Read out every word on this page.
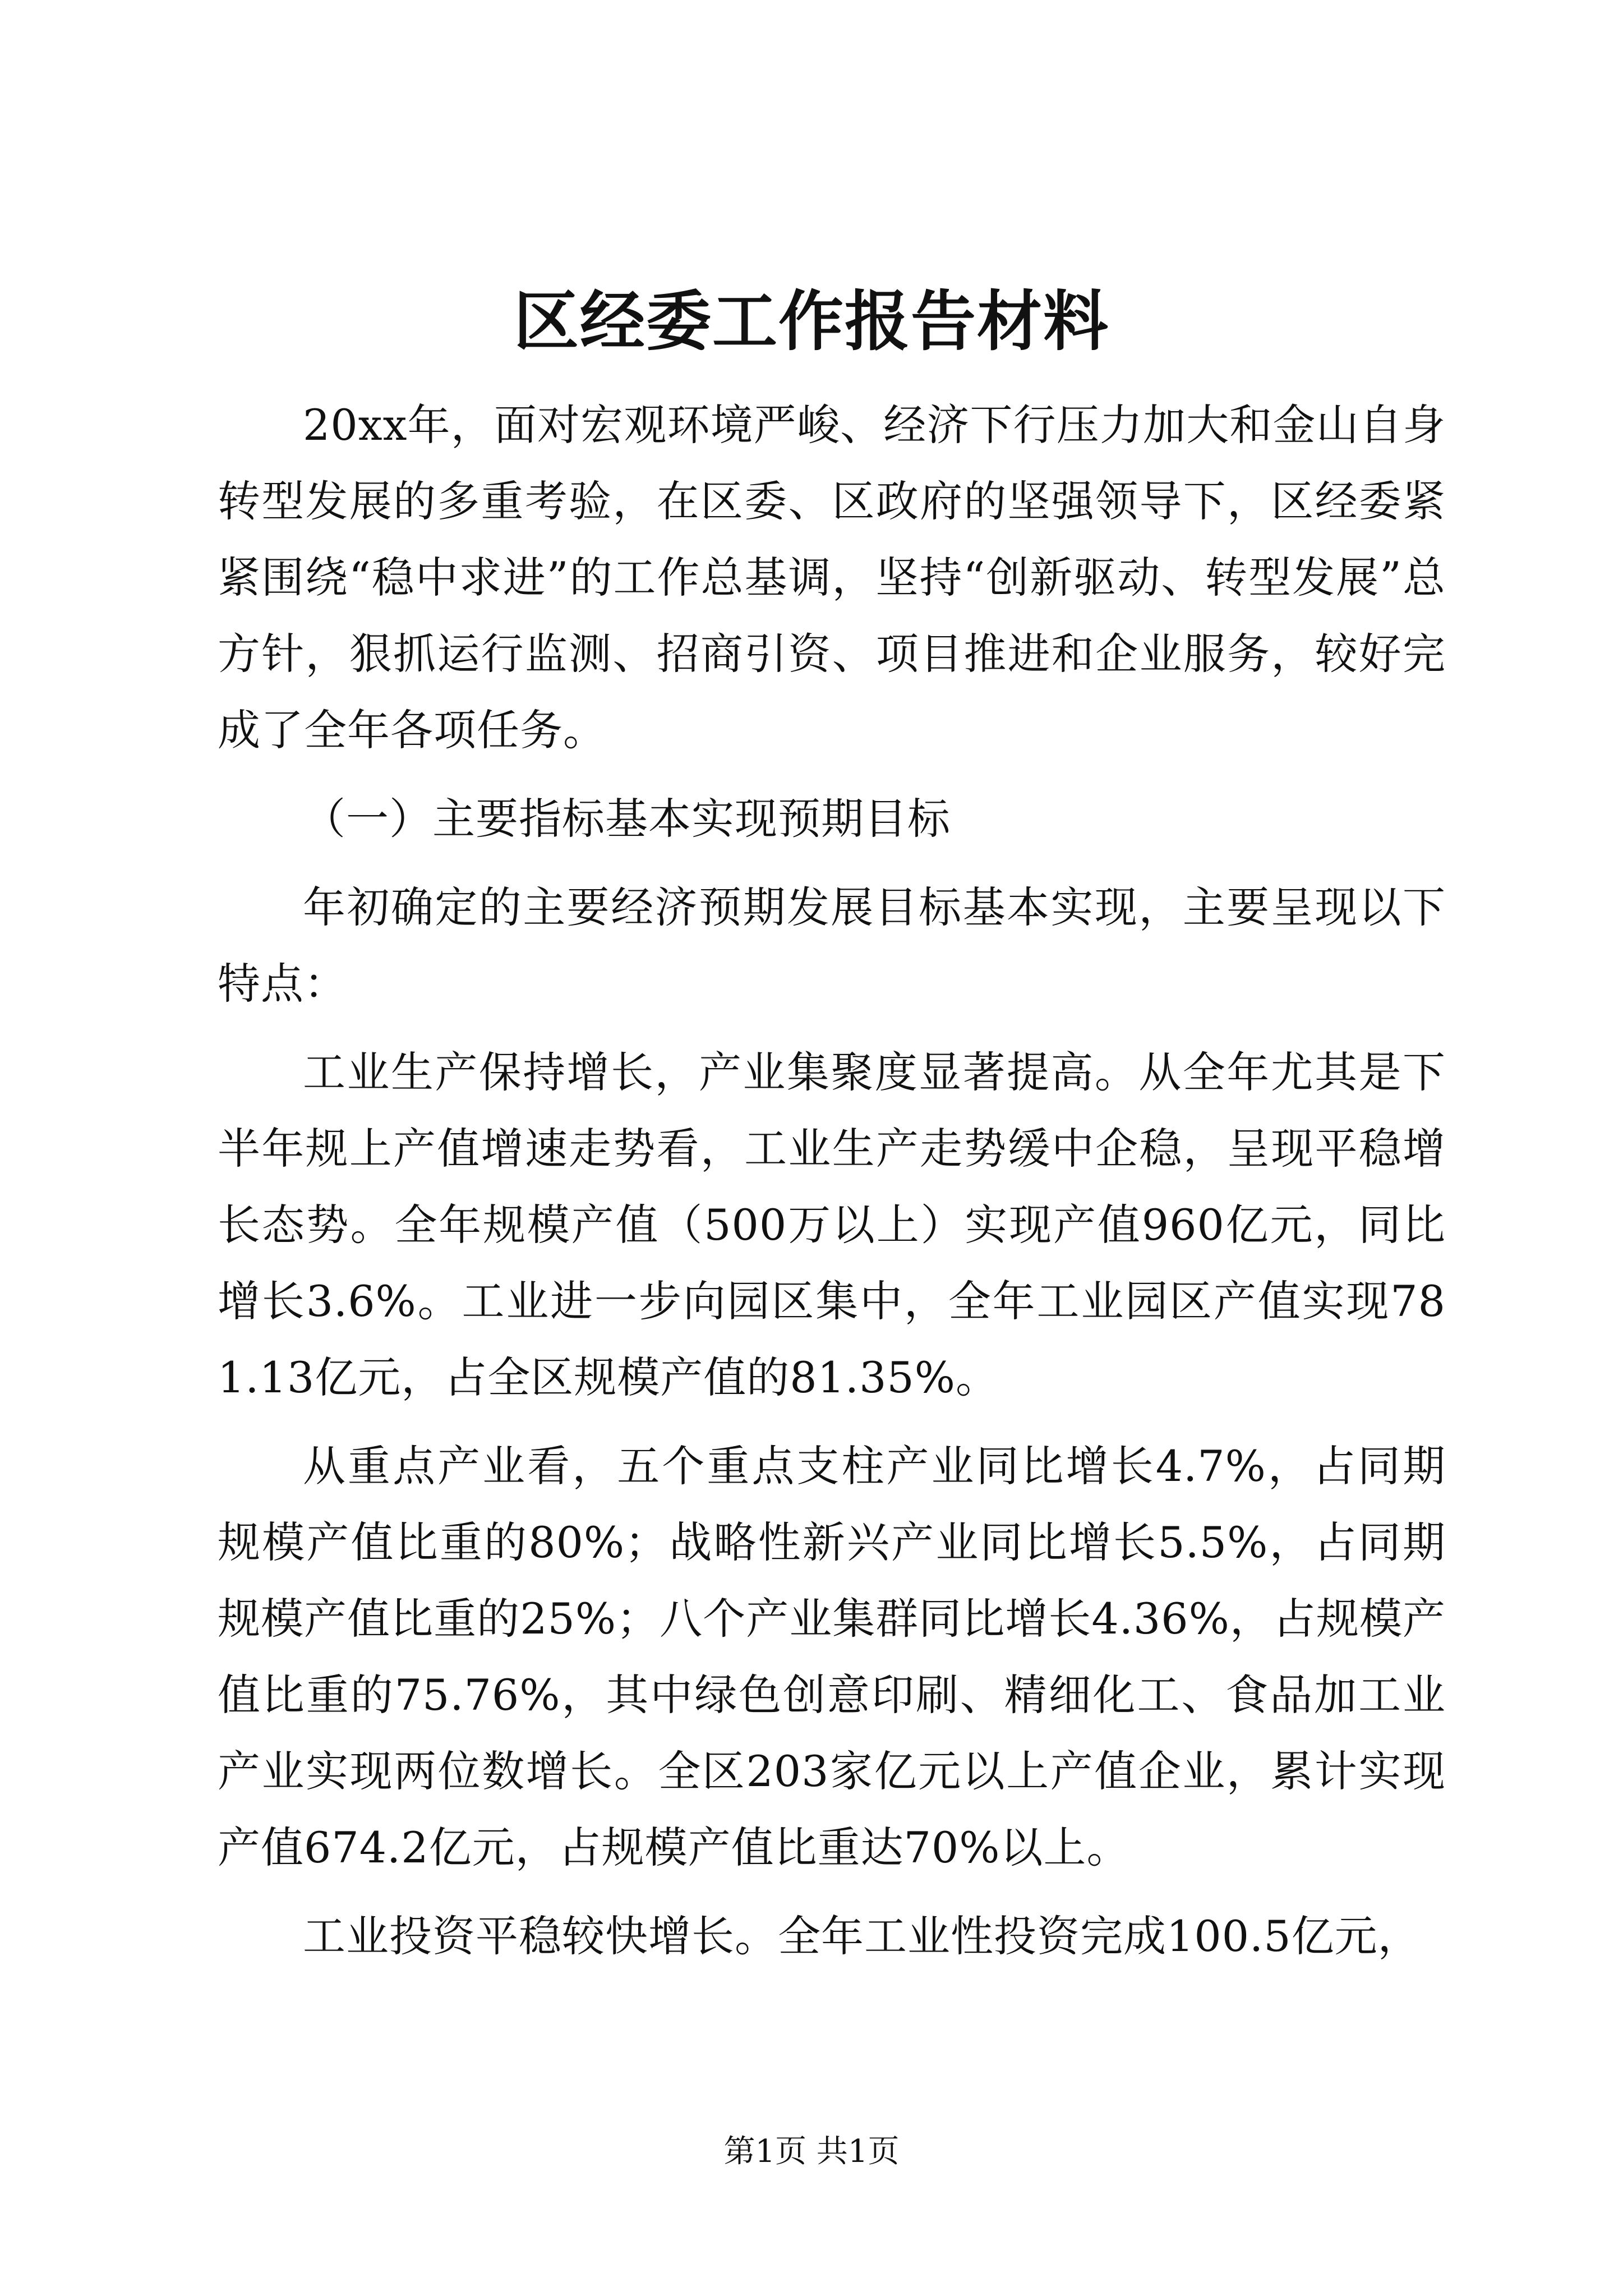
区经委工作报告材料

20xx年，面对宏观环境严峻、经济下行压力加大和金山自身转型发展的多重考验，在区委、区政府的坚强领导下，区经委紧紧围绕“稳中求进”的工作总基调，坚持“创新驱动、转型发展”总方针，狠抓运行监测、招商引资、项目推进和企业服务，较好完成了全年各项任务。

（一）主要指标基本实现预期目标

年初确定的主要经济预期发展目标基本实现，主要呈现以下特点：

工业生产保持增长，产业集聚度显著提高。从全年尤其是下半年规上产值增速走势看，工业生产走势缓中企稳，呈现平稳增长态势。全年规模产值（500万以上）实现产值960亿元，同比增长3.6%。工业进一步向园区集中，全年工业园区产值实现781.13亿元，占全区规模产值的81.35%。

从重点产业看，五个重点支柱产业同比增长4.7%，占同期规模产值比重的80%；战略性新兴产业同比增长5.5%，占同期规模产值比重的25%；八个产业集群同比增长4.36%，占规模产值比重的75.76%，其中绿色创意印刷、精细化工、食品加工业产业实现两位数增长。全区203家亿元以上产值企业，累计实现产值674.2亿元，占规模产值比重达70%以上。

工业投资平稳较快增长。全年工业性投资完成100.5亿元，

第1页 共1页
